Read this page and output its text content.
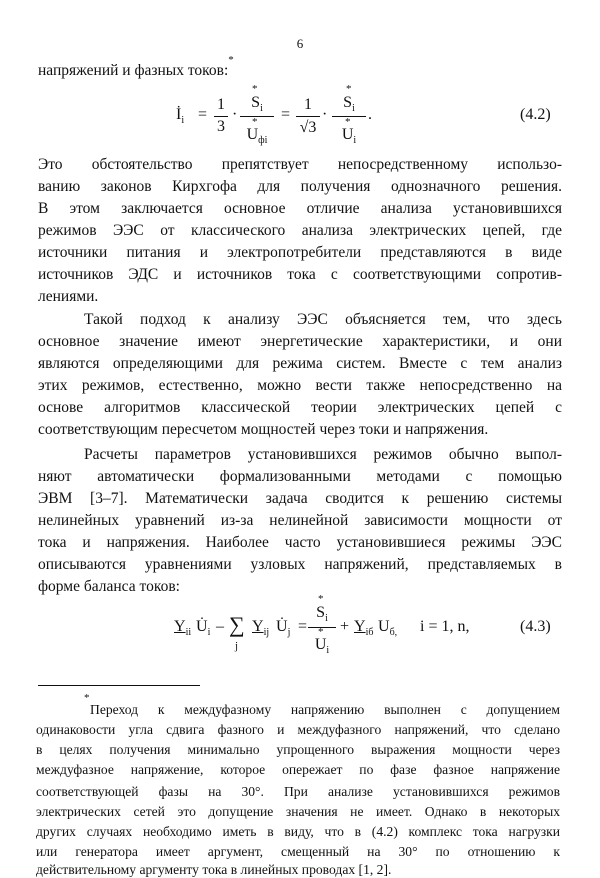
6
напряжений и фазных токов:*
$İ_i$ =
1
3
·
*
$S_i$
*
$U_{фi}$
=
1
√3
·
*
$S_i$
*
$U_i$
.	(4.2)
Это обстоятельство препятствует непосредственному использо-
ванию законов Кирхгофа для получения однозначного решения.
В этом заключается основное отличие анализа установившихся
режимов ЭЭС от классического анализа электрических цепей, где
источники питания и электропотребители представляются в виде
источников ЭДС и источников тока с соответствующими сопротив-
лениями.
Такой подход к анализу ЭЭС объясняется тем, что здесь
основное значение имеют энергетические характеристики, и они
являются определяющими для режима систем. Вместе с тем анализ
этих режимов, естественно, можно вести также непосредственно на
основе алгоритмов классической теории электрических цепей с
соответствующим пересчетом мощностей через токи и напряжения.
Расчеты параметров установившихся режимов обычно выпол-
няют автоматически формализованными методами с помощью
ЭВМ [3–7]. Математически задача сводится к решению системы
нелинейных уравнений из-за нелинейной зависимости мощности от
тока и напряжения. Наиболее часто установившиеся режимы ЭЭС
описываются уравнениями узловых напряжений, представляемых в
форме баланса токов:
$Y_{ii}$ $U̇_i$ – ∑
j
$Y_{ij}$ $U̇_j$ =
*
$S_i$
*
$U_i$
+ $Y_{iб}$ $U_{б,}$ i = 1, n,	(4.3)
*
Переход к междуфазному напряжению выполнен с допущением
одинаковости угла сдвига фазного и междуфазного напряжений, что сделано
в целях получения минимально упрощенного выражения мощности через
междуфазное напряжение, которое опережает по фазе фазное напряжение
соответствующей фазы на 30°. При анализе установившихся режимов
электрических сетей это допущение значения не имеет. Однако в некоторых
других случаях необходимо иметь в виду, что в (4.2) комплекс тока нагрузки
или генератора имеет аргумент, смещенный на 30° по отношению к
действительному аргументу тока в линейных проводах [1, 2].
